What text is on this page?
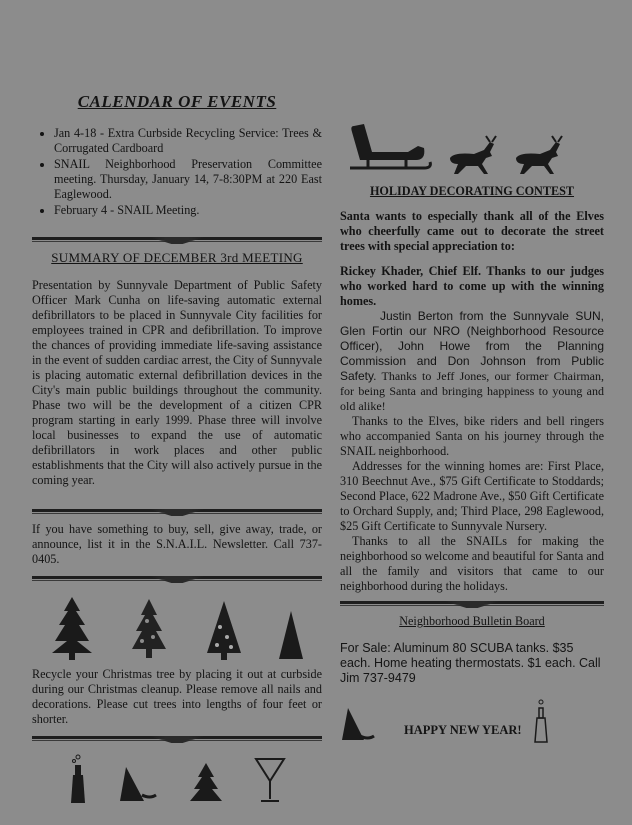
CALENDAR OF EVENTS
• Jan 4-18 - Extra Curbside Recycling Service: Trees & Corrugated Cardboard
• SNAIL Neighborhood Preservation Committee meeting. Thursday, January 14, 7-8:30PM at 220 East Eaglewood.
• February 4 - SNAIL Meeting.
SUMMARY OF DECEMBER 3rd MEETING

Presentation by Sunnyvale Department of Public Safety Officer Mark Cunha on life-saving automatic external defibrillators to be placed in Sunnyvale City facilities for employees trained in CPR and defibrillation. To improve the chances of providing immediate life-saving assistance in the event of sudden cardiac arrest, the City of Sunnyvale is placing automatic external defibrillation devices in the City's main public buildings throughout the community. Phase two will be the development of a citizen CPR program starting in early 1999. Phase three will involve local businesses to expand the use of automatic defibrillators in work places and other public establishments that the City will also actively pursue in the coming year.

If you have something to buy, sell, give away, trade, or announce, list it in the S.N.A.I.L. Newsletter. Call 737-0405.

Recycle your Christmas tree by placing it out at curbside during our Christmas cleanup. Please remove all nails and decorations. Please cut trees into lengths of four feet or shorter.

HOLIDAY DECORATING CONTEST

Santa wants to especially thank all of the Elves who cheerfully came out to decorate the street trees with special appreciation to:

Rickey Khader, Chief Elf. Thanks to our judges who worked hard to come up with the winning homes.

Justin Berton from the Sunnyvale SUN, Glen Fortin our NRO (Neighborhood Resource Officer), John Howe from the Planning Commission and Don Johnson from Public Safety. Thanks to Jeff Jones, our former Chairman, for being Santa and bringing happiness to young and old alike!

Thanks to the Elves, bike riders and bell ringers who accompanied Santa on his journey through the SNAIL neighborhood.

Addresses for the winning homes are: First Place, 310 Beechnut Ave., $75 Gift Certificate to Stoddards; Second Place, 622 Madrone Ave., $50 Gift Certificate to Orchard Supply, and; Third Place, 298 Eaglewood, $25 Gift Certificate to Sunnyvale Nursery.

Thanks to all the SNAILs for making the neighborhood so welcome and beautiful for Santa and all the family and visitors that came to our neighborhood during the holidays.

Neighborhood Bulletin Board

For Sale: Aluminum 80 SCUBA tanks. $35 each. Home heating thermostats. $1 each. Call Jim 737-9479

HAPPY NEW YEAR!
